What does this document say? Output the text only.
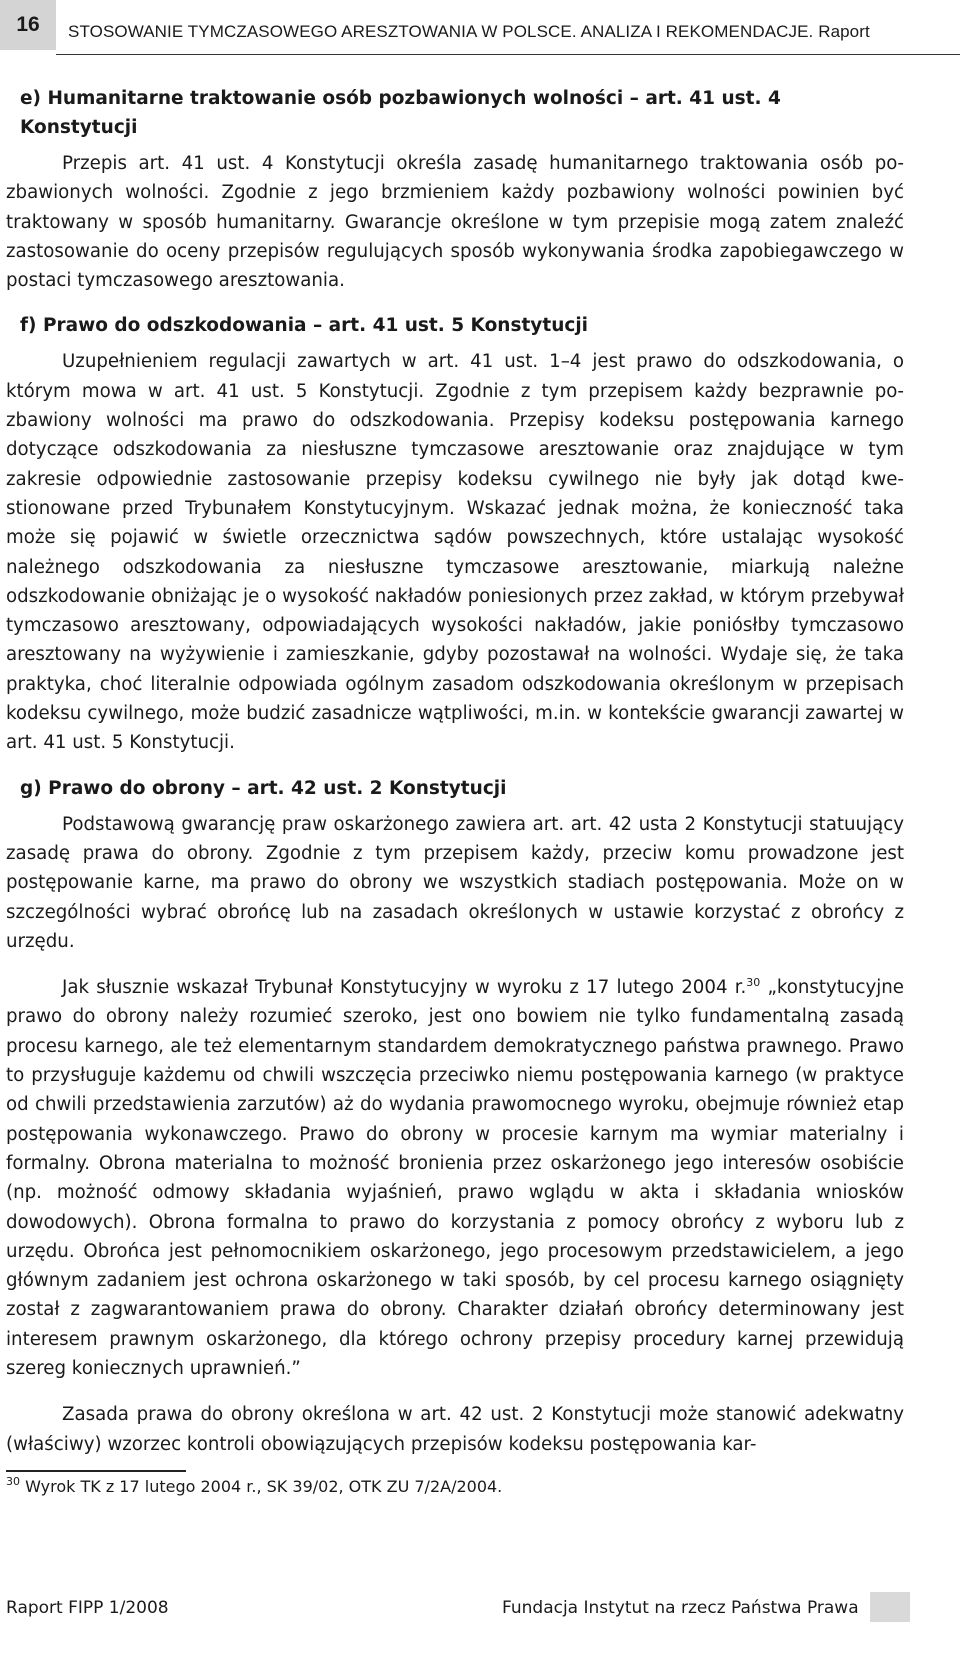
16	STOSOWANIE TYMCZASOWEGO ARESZTOWANIA W POLSCE. ANALIZA I REKOMENDACJE. Raport
e) Humanitarne traktowanie osób pozbawionych wolności – art. 41 ust. 4 Konstytucji

Przepis art. 41 ust. 4 Konstytucji określa zasadę humanitarnego traktowania osób pozbawionych wolności. Zgodnie z jego brzmieniem każdy pozbawiony wolności powinien być traktowany w sposób humanitarny. Gwarancje określone w tym przepisie mogą zatem znaleźć zastosowanie do oceny przepisów regulujących sposób wykonywania środka zapobiegawczego w postaci tymczasowego aresztowania.

f) Prawo do odszkodowania – art. 41 ust. 5 Konstytucji

Uzupełnieniem regulacji zawartych w art. 41 ust. 1–4 jest prawo do odszkodowania, o którym mowa w art. 41 ust. 5 Konstytucji. Zgodnie z tym przepisem każdy bezprawnie pozbawiony wolności ma prawo do odszkodowania. Przepisy kodeksu postępowania karnego dotyczące odszkodowania za niesłuszne tymczasowe aresztowanie oraz znajdujące w tym zakresie odpowiednie zastosowanie przepisy kodeksu cywilnego nie były jak dotąd kwestionowane przed Trybunałem Konstytucyjnym. Wskazać jednak można, że konieczność taka może się pojawić w świetle orzecznictwa sądów powszechnych, które ustalając wysokość należnego odszkodowania za niesłuszne tymczasowe aresztowanie, miarkują należne odszkodowanie obniżając je o wysokość nakładów poniesionych przez zakład, w którym przebywał tymczasowo aresztowany, odpowiadających wysokości nakładów, jakie poniósłby tymczasowo aresztowany na wyżywienie i zamieszkanie, gdyby pozostawał na wolności. Wydaje się, że taka praktyka, choć literalnie odpowiada ogólnym zasadom odszkodowania określonym w przepisach kodeksu cywilnego, może budzić zasadnicze wątpliwości, m.in. w kontekście gwarancji zawartej w art. 41 ust. 5 Konstytucji.

g) Prawo do obrony – art. 42 ust. 2 Konstytucji

Podstawową gwarancję praw oskarżonego zawiera art. art. 42 usta 2 Konstytucji statuujący zasadę prawa do obrony. Zgodnie z tym przepisem każdy, przeciw komu prowadzone jest postępowanie karne, ma prawo do obrony we wszystkich stadiach postępowania. Może on w szczególności wybrać obrońcę lub na zasadach określonych w ustawie korzystać z obrońcy z urzędu.

Jak słusznie wskazał Trybunał Konstytucyjny w wyroku z 17 lutego 2004 r.$^{30}$ „konstytucyjne prawo do obrony należy rozumieć szeroko, jest ono bowiem nie tylko fundamentalną zasadą procesu karnego, ale też elementarnym standardem demokratycznego państwa prawnego. Prawo to przysługuje każdemu od chwili wszczęcia przeciwko niemu postępowania karnego (w praktyce od chwili przedstawienia zarzutów) aż do wydania prawomocnego wyroku, obejmuje również etap postępowania wykonawczego. Prawo do obrony w procesie karnym ma wymiar materialny i formalny. Obrona materialna to możność bronienia przez oskarżonego jego interesów osobiście (np. możność odmowy składania wyjaśnień, prawo wglądu w akta i składania wniosków dowodowych). Obrona formalna to prawo do korzystania z pomocy obrońcy z wyboru lub z urzędu. Obrońca jest pełnomocnikiem oskarżonego, jego procesowym przedstawicielem, a jego głównym zadaniem jest ochrona oskarżonego w taki sposób, by cel procesu karnego osiągnięty został z zagwarantowaniem prawa do obrony. Charakter działań obrońcy determinowany jest interesem prawnym oskarżonego, dla którego ochrony przepisy procedury karnej przewidują szereg koniecznych uprawnień.”

Zasada prawa do obrony określona w art. 42 ust. 2 Konstytucji może stanowić adekwatny (właściwy) wzorzec kontroli obowiązujących przepisów kodeksu postępowania kar-

$^{30}$ Wyrok TK z 17 lutego 2004 r., SK 39/02, OTK ZU 7/2A/2004.
Raport FIPP 1/2008	Fundacja Instytut na rzecz Państwa Prawa
